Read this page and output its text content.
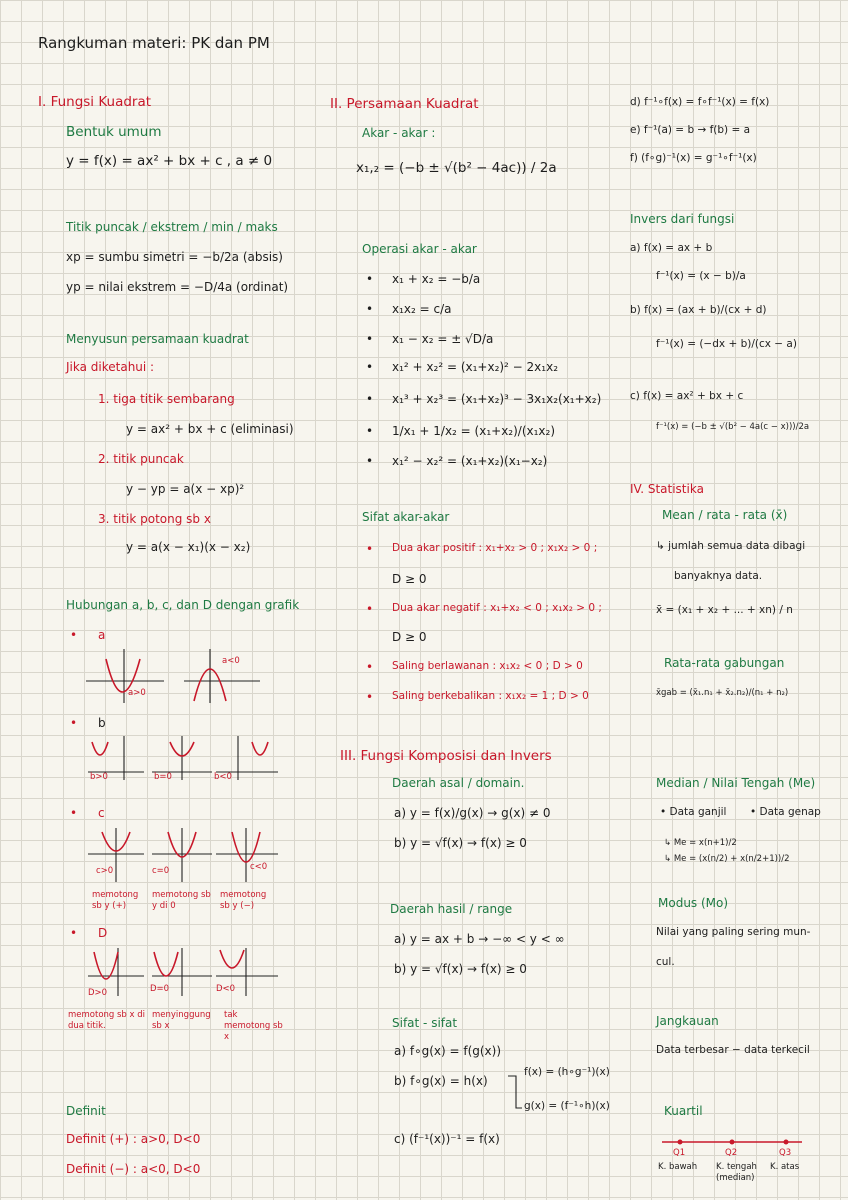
Rangkuman materi: PK dan PM
I. Fungsi Kuadrat
Bentuk umum
y = f(x) = ax² + bx + c , a ≠ 0
Titik puncak / ekstrem / min / maks
xp = sumbu simetri = −b/2a (absis)
yp = nilai ekstrem = −D/4a (ordinat)
Menyusun persamaan kuadrat
Jika diketahui :
1. tiga titik sembarang
y = ax² + bx + c (eliminasi)
2. titik puncak
y − yp = a(x − xp)²
3. titik potong sb x
y = a(x − x₁)(x − x₂)
Hubungan a, b, c, dan D dengan grafik
• a
a>0
a<0
• b
b>0	b=0	b<0
• c
c>0	c=0	c<0
memotong sb y (+)
memotong sb y di 0
memotong sb y (−)
• D
D>0	D=0	D<0
memotong sb x di dua titik.
menyinggung sb x
tak memotong sb x
Definit
Definit (+) : a>0, D<0
Definit (−) : a<0, D<0
II. Persamaan Kuadrat
Akar - akar :
x₁,₂ = (−b ± √(b² − 4ac)) / 2a
Operasi akar - akar
• x₁ + x₂ = −b/a
• x₁x₂ = c/a
• x₁ − x₂ = ± √D/a
• x₁² + x₂² = (x₁+x₂)² − 2x₁x₂
• x₁³ + x₂³ = (x₁+x₂)³ − 3x₁x₂(x₁+x₂)
• 1/x₁ + 1/x₂ = (x₁+x₂)/(x₁x₂)
• x₁² − x₂² = (x₁+x₂)(x₁−x₂)
Sifat akar-akar
• Dua akar positif : x₁+x₂ > 0 ; x₁x₂ > 0 ;
D ≥ 0
• Dua akar negatif : x₁+x₂ < 0 ; x₁x₂ > 0 ;
D ≥ 0
• Saling berlawanan : x₁x₂ < 0 ; D > 0
• Saling berkebalikan : x₁x₂ = 1 ; D > 0
III. Fungsi Komposisi dan Invers
Daerah asal / domain.
a) y = f(x)/g(x) → g(x) ≠ 0
b) y = √f(x) → f(x) ≥ 0
Daerah hasil / range
a) y = ax + b → −∞ < y < ∞
b) y = √f(x) → f(x) ≥ 0
Sifat - sifat
a) f∘g(x) = f(g(x))
b) f∘g(x) = h(x)
f(x) = (h∘g⁻¹)(x)
g(x) = (f⁻¹∘h)(x)
c) (f⁻¹(x))⁻¹ = f(x)
d) f⁻¹∘f(x) = f∘f⁻¹(x) = f(x)
e) f⁻¹(a) = b → f(b) = a
f) (f∘g)⁻¹(x) = g⁻¹∘f⁻¹(x)
Invers dari fungsi
a) f(x) = ax + b
f⁻¹(x) = (x − b)/a
b) f(x) = (ax + b)/(cx + d)
f⁻¹(x) = (−dx + b)/(cx − a)
c) f(x) = ax² + bx + c
f⁻¹(x) = (−b ± √(b² − 4a(c − x)))/2a
IV. Statistika
Mean / rata - rata (x̄)
↳ jumlah semua data dibagi
banyaknya data.
x̄ = (x₁ + x₂ + ... + xn) / n
Rata-rata gabungan
x̄gab = (x̄₁.n₁ + x̄₂.n₂)/(n₁ + n₂)
Median / Nilai Tengah (Me)
• Data ganjil • Data genap
↳ Me = x(n+1)/2
↳ Me = (x(n/2) + x(n/2+1))/2
Modus (Mo)
Nilai yang paling sering mun-
cul.
Jangkauan
Data terbesar − data terkecil
Kuartil
Q1	Q2	Q3
K. bawah K. tengah (median)
K. atas
